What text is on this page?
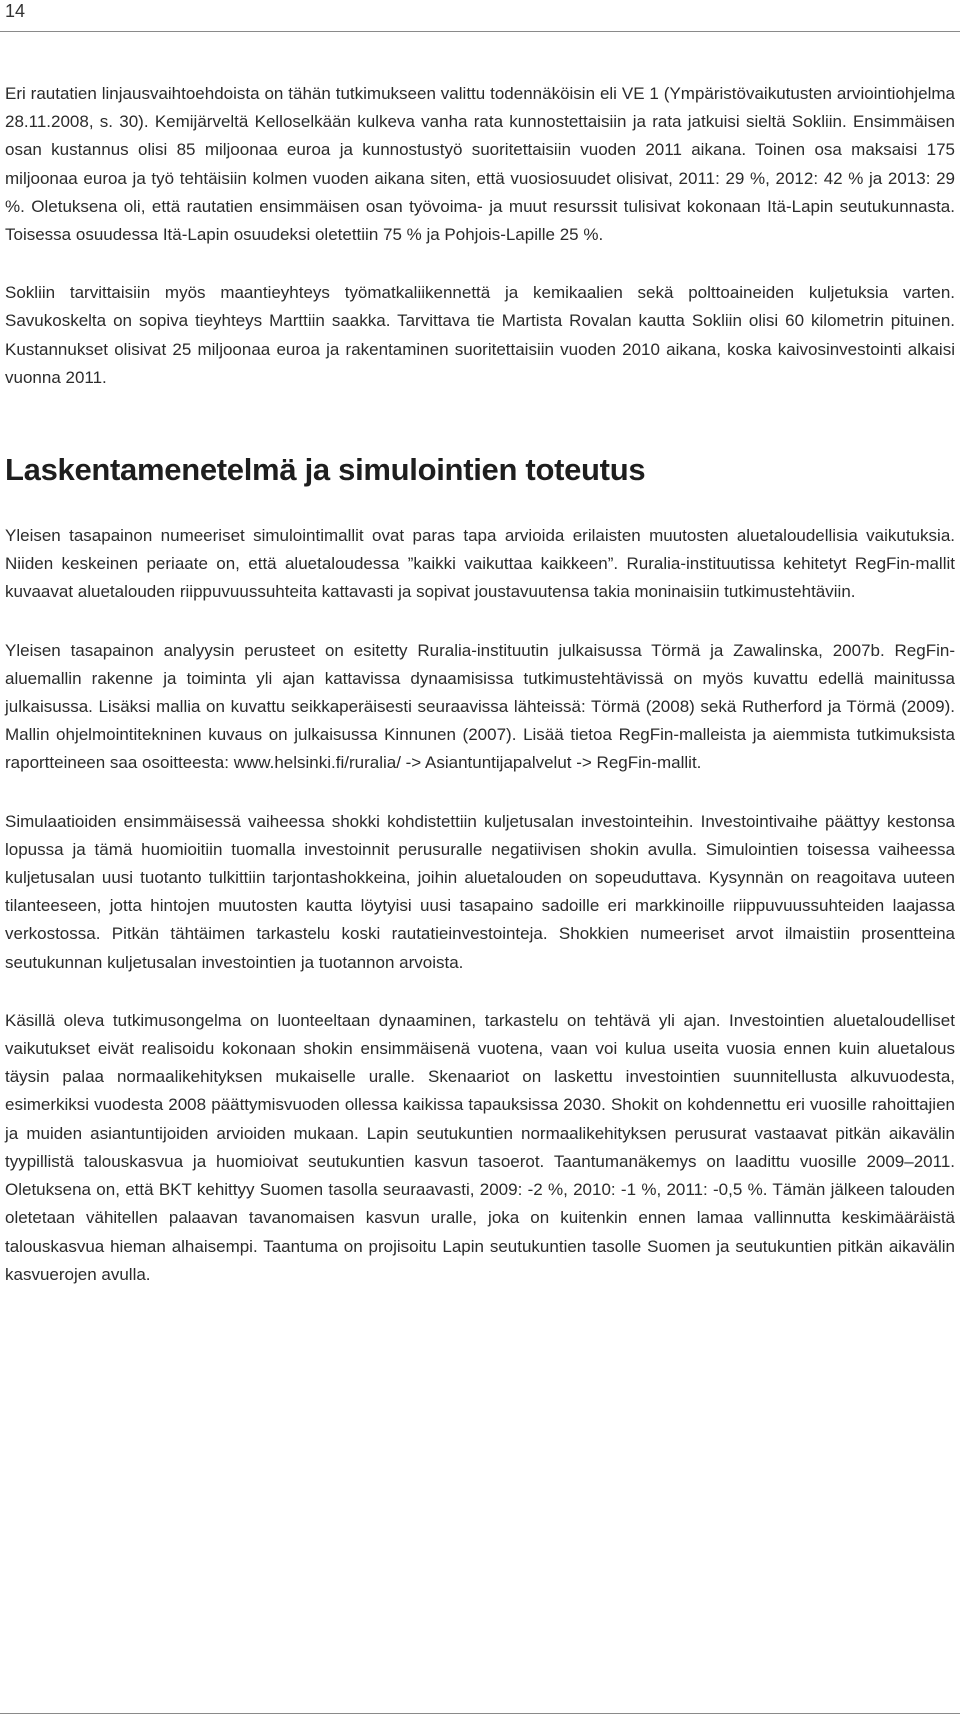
14

Eri rautatien linjausvaihtoehdoista on tähän tutkimukseen valittu todennäköisin eli VE 1 (Ympäristövaikutusten arviointiohjelma 28.11.2008, s. 30). Kemijärveltä Kelloselkään kulkeva vanha rata kunnostettaisiin ja rata jatkuisi sieltä Sokliin. Ensimmäisen osan kustannus olisi 85 miljoonaa euroa ja kunnostustyö suoritettaisiin vuoden 2011 aikana. Toinen osa maksaisi 175 miljoonaa euroa ja työ tehtäisiin kolmen vuoden aikana siten, että vuosiosuudet olisivat, 2011: 29 %, 2012: 42 % ja 2013: 29 %. Oletuksena oli, että rautatien ensimmäisen osan työvoima- ja muut resurssit tulisivat kokonaan Itä-Lapin seutukunnasta. Toisessa osuudessa Itä-Lapin osuudeksi oletettiin 75 % ja Pohjois-Lapille 25 %.

Sokliin tarvittaisiin myös maantieyhteys työmatkaliikennettä ja kemikaalien sekä polttoaineiden kuljetuksia varten. Savukoskelta on sopiva tieyhteys Marttiin saakka. Tarvittava tie Martista Rovalan kautta Sokliin olisi 60 kilometrin pituinen. Kustannukset olisivat 25 miljoonaa euroa ja rakentaminen suoritettaisiin vuoden 2010 aikana, koska kaivosinvestointi alkaisi vuonna 2011.

Laskentamenetelmä ja simulointien toteutus

Yleisen tasapainon numeeriset simulointimallit ovat paras tapa arvioida erilaisten muutosten aluetaloudellisia vaikutuksia. Niiden keskeinen periaate on, että aluetaloudessa ”kaikki vaikuttaa kaikkeen”. Ruralia-instituutissa kehitetyt RegFin-mallit kuvaavat aluetalouden riippuvuussuhteita kattavasti ja sopivat joustavuutensa takia moninaisiin tutkimustehtäviin.

Yleisen tasapainon analyysin perusteet on esitetty Ruralia-instituutin julkaisussa Törmä ja Zawalinska, 2007b. RegFin-aluemallin rakenne ja toiminta yli ajan kattavissa dynaamisissa tutkimustehtävissä on myös kuvattu edellä mainitussa julkaisussa. Lisäksi mallia on kuvattu seikkaperäisesti seuraavissa lähteissä: Törmä (2008) sekä Rutherford ja Törmä (2009). Mallin ohjelmointitekninen kuvaus on julkaisussa Kinnunen (2007). Lisää tietoa RegFin-malleista ja aiemmista tutkimuksista raportteineen saa osoitteesta: www.helsinki.fi/ruralia/ -> Asiantuntijapalvelut -> RegFin-mallit.

Simulaatioiden ensimmäisessä vaiheessa shokki kohdistettiin kuljetusalan investointeihin. Investointivaihe päättyy kestonsa lopussa ja tämä huomioitiin tuomalla investoinnit perusuralle negatiivisen shokin avulla. Simulointien toisessa vaiheessa kuljetusalan uusi tuotanto tulkittiin tarjontashokkeina, joihin aluetalouden on sopeuduttava. Kysynnän on reagoitava uuteen tilanteeseen, jotta hintojen muutosten kautta löytyisi uusi tasapaino sadoille eri markkinoille riippuvuussuhteiden laajassa verkostossa. Pitkän tähtäimen tarkastelu koski rautatieinvestointeja. Shokkien numeeriset arvot ilmaistiin prosentteina seutukunnan kuljetusalan investointien ja tuotannon arvoista.

Käsillä oleva tutkimusongelma on luonteeltaan dynaaminen, tarkastelu on tehtävä yli ajan. Investointien aluetaloudelliset vaikutukset eivät realisoidu kokonaan shokin ensimmäisenä vuotena, vaan voi kulua useita vuosia ennen kuin aluetalous täysin palaa normaalikehityksen mukaiselle uralle. Skenaariot on laskettu investointien suunnitellusta alkuvuodesta, esimerkiksi vuodesta 2008 päättymisvuoden ollessa kaikissa tapauksissa 2030. Shokit on kohdennettu eri vuosille rahoittajien ja muiden asiantuntijoiden arvioiden mukaan. Lapin seutukuntien normaalikehityksen perusurat vastaavat pitkän aikavälin tyypillistä talouskasvua ja huomioivat seutukuntien kasvun tasoerot. Taantumanäkemys on laadittu vuosille 2009–2011. Oletuksena on, että BKT kehittyy Suomen tasolla seuraavasti, 2009: -2 %, 2010: -1 %, 2011: -0,5 %. Tämän jälkeen talouden oletetaan vähitellen palaavan tavanomaisen kasvun uralle, joka on kuitenkin ennen lamaa vallinnutta keskimääräistä talouskasvua hieman alhaisempi. Taantuma on projisoitu Lapin seutukuntien tasolle Suomen ja seutukuntien pitkän aikavälin kasvuerojen avulla.
